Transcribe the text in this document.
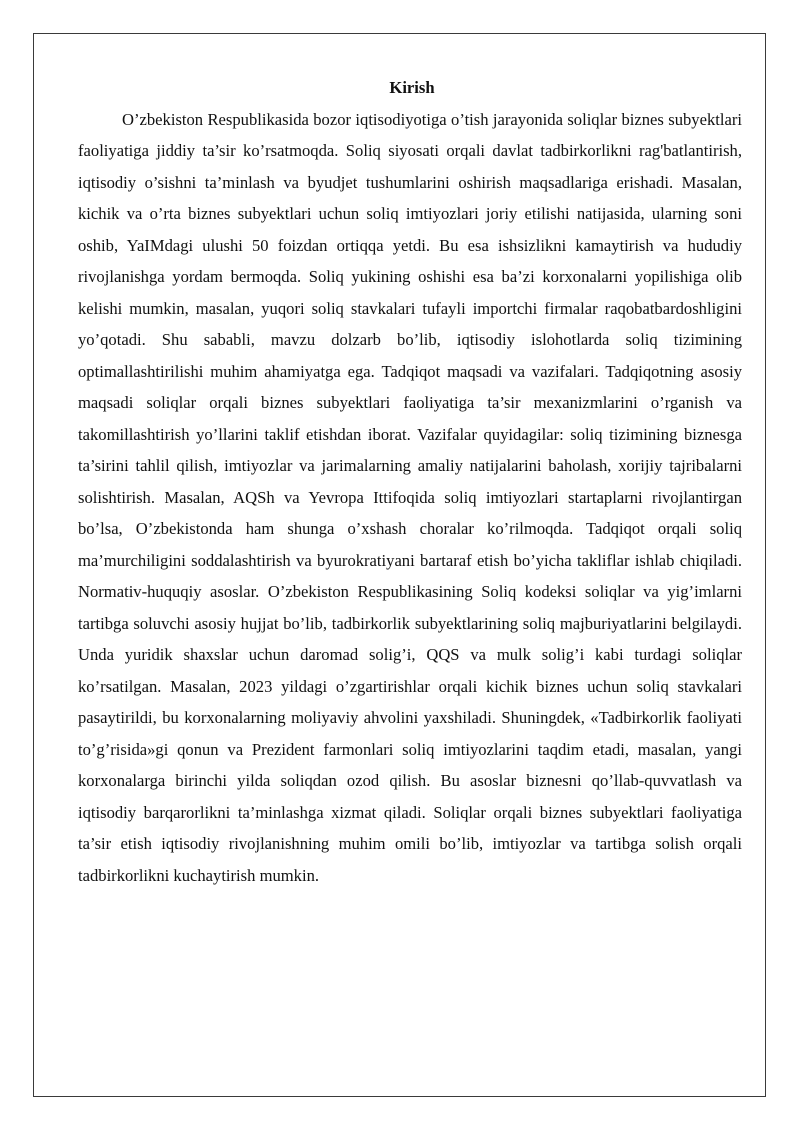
Kirish

O’zbekiston Respublikasida bozor iqtisodiyotiga o’tish jarayonida soliqlar biznes subyektlari faoliyatiga jiddiy ta’sir ko’rsatmoqda. Soliq siyosati orqali davlat tadbirkorlikni rag'batlantirish, iqtisodiy o’sishni ta’minlash va byudjet tushumlarini oshirish maqsadlariga erishadi. Masalan, kichik va o’rta biznes subyektlari uchun soliq imtiyozlari joriy etilishi natijasida, ularning soni oshib, YaIMdagi ulushi 50 foizdan ortiqqa yetdi. Bu esa ishsizlikni kamaytirish va hududiy rivojlanishga yordam bermoqda. Soliq yukining oshishi esa ba’zi korxonalarni yopilishiga olib kelishi mumkin, masalan, yuqori soliq stavkalari tufayli importchi firmalar raqobatbardoshligini yo’qotadi. Shu sababli, mavzu dolzarb bo’lib, iqtisodiy islohotlarda soliq tizimining optimallashtirilishi muhim ahamiyatga ega. Tadqiqot maqsadi va vazifalari. Tadqiqotning asosiy maqsadi soliqlar orqali biznes subyektlari faoliyatiga ta’sir mexanizmlarini o’rganish va takomillashtirish yo’llarini taklif etishdan iborat. Vazifalar quyidagilar: soliq tizimining biznesga ta’sirini tahlil qilish, imtiyozlar va jarimalarning amaliy natijalarini baholash, xorijiy tajribalarni solishtirish. Masalan, AQSh va Yevropa Ittifoqida soliq imtiyozlari startaplarni rivojlantirgan bo’lsa, O’zbekistonda ham shunga o’xshash choralar ko’rilmoqda. Tadqiqot orqali soliq ma’murchiligini soddalashtirish va byurokratiyani bartaraf etish bo’yicha takliflar ishlab chiqiladi. Normativ-huquqiy asoslar. O’zbekiston Respublikasining Soliq kodeksi soliqlar va yig’imlarni tartibga soluvchi asosiy hujjat bo’lib, tadbirkorlik subyektlarining soliq majburiyatlarini belgilaydi. Unda yuridik shaxslar uchun daromad solig’i, QQS va mulk solig’i kabi turdagi soliqlar ko’rsatilgan. Masalan, 2023 yildagi o’zgartirishlar orqali kichik biznes uchun soliq stavkalari pasaytirildi, bu korxonalarning moliyaviy ahvolini yaxshiladi. Shuningdek, «Tadbirkorlik faoliyati to’g’risida»gi qonun va Prezident farmonlari soliq imtiyozlarini taqdim etadi, masalan, yangi korxonalarga birinchi yilda soliqdan ozod qilish. Bu asoslar biznesni qo’llab-quvvatlash va iqtisodiy barqarorlikni ta’minlashga xizmat qiladi. Soliqlar orqali biznes subyektlari faoliyatiga ta’sir etish iqtisodiy rivojlanishning muhim omili bo’lib, imtiyozlar va tartibga solish orqali tadbirkorlikni kuchaytirish mumkin.
